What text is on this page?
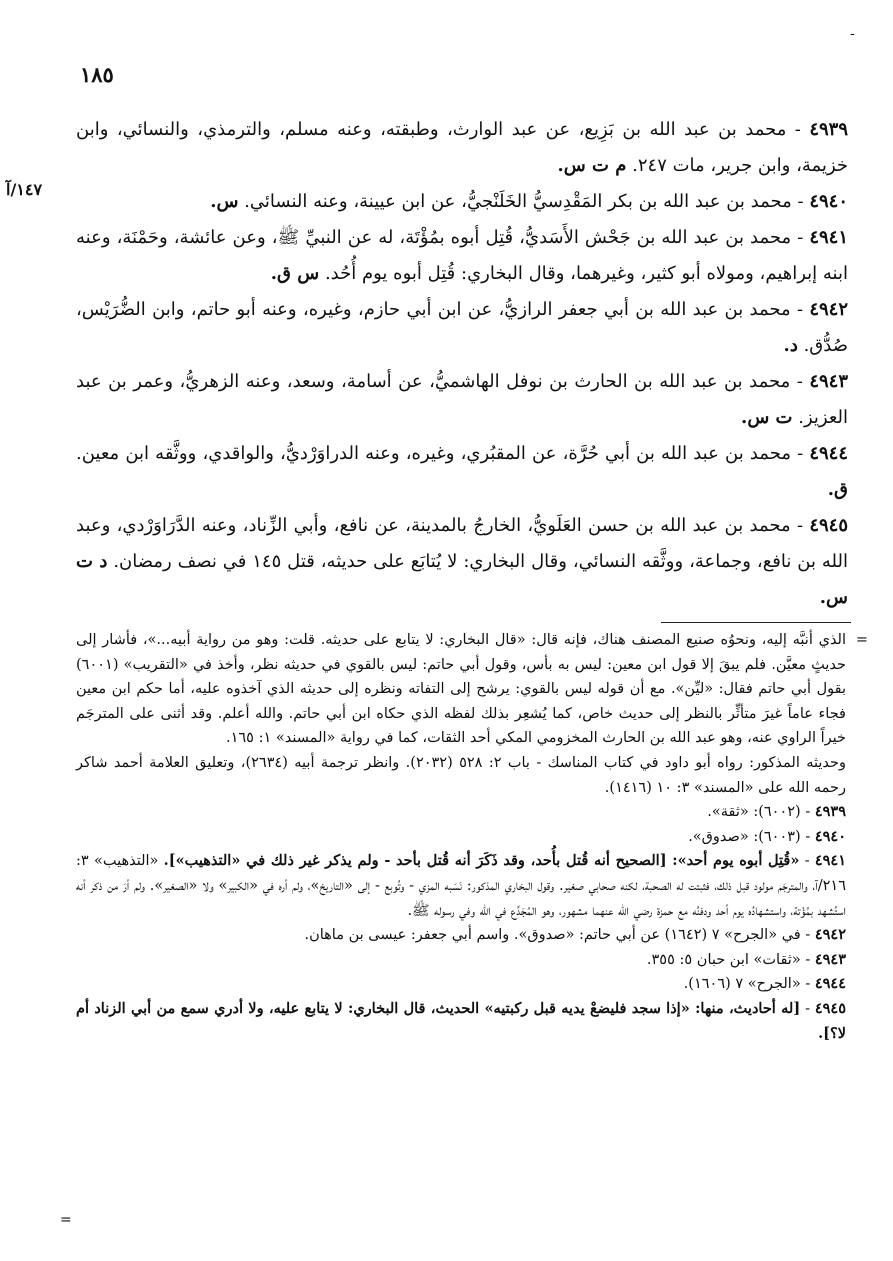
-
١٨٥
١٤٧/آ

٤٩٣٩ - محمد بن عبد الله بن بَزِيع، عن عبد الوارث، وطبقته، وعنه مسلم، والترمذي، والنسائي، وابن خزيمة، وابن جرير، مات ٢٤٧. م ت س.

٤٩٤٠ - محمد بن عبد الله بن بكر المَقْدِسيُّ الخَلَنْجيُّ، عن ابن عيينة، وعنه النسائي. س.

٤٩٤١ - محمد بن عبد الله بن جَحْش الأَسَديُّ، قُتِل أبوه بمُؤْتَة، له عن النبيِّ ﷺ، وعن عائشة، وحَمْنَة، وعنه ابنه إبراهيم، ومولاه أبو كثير، وغيرهما، وقال البخاري: قُتِل أبوه يوم أُحُد. س ق.

٤٩٤٢ - محمد بن عبد الله بن أبي جعفر الرازيُّ، عن ابن أبي حازم، وغيره، وعنه أبو حاتم، وابن الضُّرَيْس، صُدُّق. د.

٤٩٤٣ - محمد بن عبد الله بن الحارث بن نوفل الهاشميُّ، عن أسامة، وسعد، وعنه الزهريُّ، وعمر بن عبد العزيز. ت س.

٤٩٤٤ - محمد بن عبد الله بن أبي حُرَّة، عن المقبُري، وغيره، وعنه الدراوَرْديُّ، والواقدي، ووثَّقه ابن معين. ق.

٤٩٤٥ - محمد بن عبد الله بن حسن العَلَويُّ، الخارجُ بالمدينة، عن نافع، وأبي الزِّناد، وعنه الدَّرَاوَرْدي، وعبد الله بن نافع، وجماعة، ووثَّقه النسائي، وقال البخاري: لا يُتابَع على حديثه، قتل ١٤٥ في نصف رمضان. د ت س.

=
الذي أنبَّه إليه، ونحوُه صنيع المصنف هناك، فإنه قال: «قال البخاري: لا يتابع على حديثه. قلت: وهو من رواية أبيه...»، فأشار إلى حديثٍ معيَّن. فلم يبقَ إلا قول ابن معين: ليس به بأس، وقول أبي حاتم: ليس بالقوي في حديثه نظر، وأخذ في «التقريب» (٦٠٠١) بقول أبي حاتم فقال: «ليِّن». مع أن قوله ليس بالقوي: يرشح إلى التفاته ونظره إلى حديثه الذي آخذوه عليه، أما حكم ابن معين فجاء عاماً غيرَ متأثِّر بالنظر إلى حديث خاص، كما يُشعِر بذلك لفظه الذي حكاه ابن أبي حاتم. والله أعلم. وقد أثنى على المترجَم خيراً الراوي عنه، وهو عبد الله بن الحارث المخزومي المكي أحد الثقات، كما في رواية «المسند» ١: ١٦٥.

وحديثه المذكور: رواه أبو داود في كتاب المناسك - باب ٢: ٥٢٨ (٢٠٣٢). وانظر ترجمة أبيه (٢٦٣٤)، وتعليق العلامة أحمد شاكر رحمه الله على «المسند» ٣: ١٠ (١٤١٦).

٤٩٣٩ - (٦٠٠٢): «ثقة».

٤٩٤٠ - (٦٠٠٣): «صدوق».

٤٩٤١ - «قُتِل أبوه يوم أحد»: [الصحيح أنه قُتل بأُحد، وقد ذَكَرَ أنه قُتل بأحد - ولم يذكر غير ذلك في «التذهيب»]. «التذهيب» ٣: ٢١٦/آ، والمترجَم مولود قبل ذلك، فثبتت له الصحبة، لكنه صحابي صغير. وقول البخاري المذكور: نَسَبه المزي - وتُوبع - إلى «التاريخ»، ولم أره في «الكبير» ولا «الصغير». ولم أرَ من ذكر أنه استُشهد بمُؤْتة، واستشهادُه يوم أحد ودفنُه مع حمزة رضي الله عنهما مشهور، وهو المُجَدَّع في الله وفي رسوله ﷺ.

٤٩٤٢ - في «الجرح» ٧ (١٦٤٢) عن أبي حاتم: «صدوق». واسم أبي جعفر: عيسى بن ماهان.

٤٩٤٣ - «ثقات» ابن حبان ٥: ٣٥٥.

٤٩٤٤ - «الجرح» ٧ (١٦٠٦).

٤٩٤٥ - [له أحاديث، منها: «إذا سجد فليضعْ يديه قبل ركبتيه» الحديث، قال البخاري: لا يتابع عليه، ولا أدري سمع من أبي الزناد أم لا؟].

=
